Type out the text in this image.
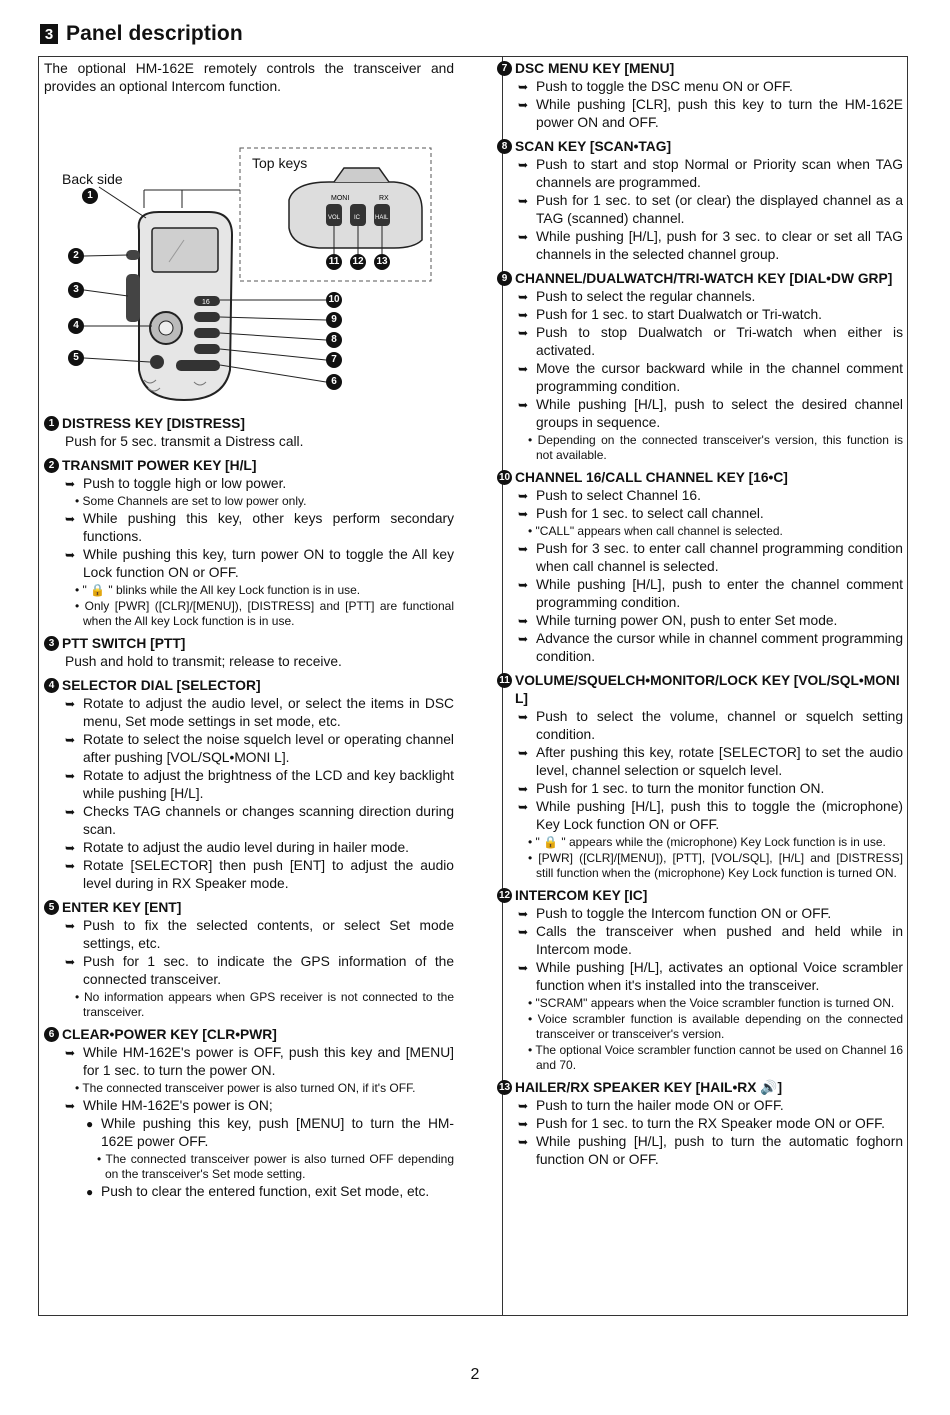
3 Panel description

The optional HM-162E remotely controls the transceiver and provides an optional Intercom function.

MONI	RX
VOL IC	HAIL
16
Back side
Top keys
1
2
3
4
5
6
7
8
9
10
11 12 13
1 DISTRESS KEY [DISTRESS]
Push for 5 sec. transmit a Distress call.
2 TRANSMIT POWER KEY [H/L]
➥ Push to toggle high or low power.
• Some Channels are set to low power only.
➥ While pushing this key, other keys perform secondary functions.
➥ While pushing this key, turn power ON to toggle the All key Lock function ON or OFF.
• " 🔒 " blinks while the All key Lock function is in use.
• Only [PWR] ([CLR]/[MENU]), [DISTRESS] and [PTT] are functional when the All key Lock function is in use.
3 PTT SWITCH [PTT]
Push and hold to transmit; release to receive.
4 SELECTOR DIAL [SELECTOR]
➥ Rotate to adjust the audio level, or select the items in DSC menu, Set mode settings in set mode, etc.
➥ Rotate to select the noise squelch level or operating channel after pushing [VOL/SQL•MONI L].
➥ Rotate to adjust the brightness of the LCD and key backlight while pushing [H/L].
➥ Checks TAG channels or changes scanning direction during scan.
➥ Rotate to adjust the audio level during in hailer mode.
➥ Rotate [SELECTOR] then push [ENT] to adjust the audio level during in RX Speaker mode.
5 ENTER KEY [ENT]
➥ Push to fix the selected contents, or select Set mode settings, etc.
➥ Push for 1 sec. to indicate the GPS information of the connected transceiver.
• No information appears when GPS receiver is not connected to the transceiver.
6 CLEAR•POWER KEY [CLR•PWR]
➥ While HM-162E's power is OFF, push this key and [MENU] for 1 sec. to turn the power ON.
• The connected transceiver power is also turned ON, if it's OFF.
➥ While HM-162E's power is ON;
● While pushing this key, push [MENU] to turn the HM-162E power OFF.
• The connected transceiver power is also turned OFF depending on the transceiver's Set mode setting.
● Push to clear the entered function, exit Set mode, etc.
7 DSC MENU KEY [MENU]
➥ Push to toggle the DSC menu ON or OFF.
➥ While pushing [CLR], push this key to turn the HM-162E power ON and OFF.
8 SCAN KEY [SCAN•TAG]
➥ Push to start and stop Normal or Priority scan when TAG channels are programmed.
➥ Push for 1 sec. to set (or clear) the displayed channel as a TAG (scanned) channel.
➥ While pushing [H/L], push for 3 sec. to clear or set all TAG channels in the selected channel group.
9 CHANNEL/DUALWATCH/TRI-WATCH KEY [DIAL•DW GRP]
➥ Push to select the regular channels.
➥ Push for 1 sec. to start Dualwatch or Tri-watch.
➥ Push to stop Dualwatch or Tri-watch when either is activated.
➥ Move the cursor backward while in the channel comment programming condition.
➥ While pushing [H/L], push to select the desired channel groups in sequence.
• Depending on the connected transceiver's version, this function is not available.
10 CHANNEL 16/CALL CHANNEL KEY [16•C]
➥ Push to select Channel 16.
➥ Push for 1 sec. to select call channel.
• "CALL" appears when call channel is selected.
➥ Push for 3 sec. to enter call channel programming condition when call channel is selected.
➥ While pushing [H/L], push to enter the channel comment programming condition.
➥ While turning power ON, push to enter Set mode.
➥ Advance the cursor while in channel comment programming condition.
11 VOLUME/SQUELCH•MONITOR/LOCK KEY [VOL/SQL•MONI L]
➥ Push to select the volume, channel or squelch setting condition.
➥ After pushing this key, rotate [SELECTOR] to set the audio level, channel selection or squelch level.
➥ Push for 1 sec. to turn the monitor function ON.
➥ While pushing [H/L], push this to toggle the (microphone) Key Lock function ON or OFF.
• " 🔒 " appears while the (microphone) Key Lock function is in use.
• [PWR] ([CLR]/[MENU]), [PTT], [VOL/SQL], [H/L] and [DISTRESS] still function when the (microphone) Key Lock function is turned ON.
12 INTERCOM KEY [IC]
➥ Push to toggle the Intercom function ON or OFF.
➥ Calls the transceiver when pushed and held while in Intercom mode.
➥ While pushing [H/L], activates an optional Voice scrambler function when it's installed into the transceiver.
• "SCRAM" appears when the Voice scrambler function is turned ON.
• Voice scrambler function is available depending on the connected transceiver or transceiver's version.
• The optional Voice scrambler function cannot be used on Channel 16 and 70.
13 HAILER/RX SPEAKER KEY [HAIL•RX 🔊]
➥ Push to turn the hailer mode ON or OFF.
➥ Push for 1 sec. to turn the RX Speaker mode ON or OFF.
➥ While pushing [H/L], push to turn the automatic foghorn function ON or OFF.
2
